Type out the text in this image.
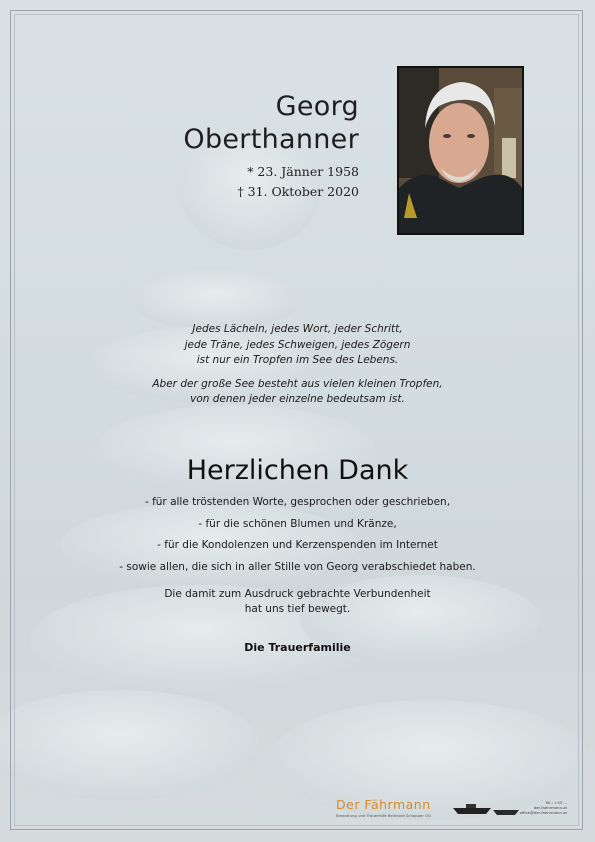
Georg
Oberthanner
* 23. Jänner 1958
† 31. Oktober 2020

Jedes Lächeln, jedes Wort, jeder Schritt,
jede Träne, jedes Schweigen, jedes Zögern
ist nur ein Tropfen im See des Lebens.

Aber der große See besteht aus vielen kleinen Tropfen,
von denen jeder einzelne bedeutsam ist.

Herzlichen Dank
- für alle tröstenden Worte, gesprochen oder geschrieben,
- für die schönen Blumen und Kränze,
- für die Kondolenzen und Kerzenspenden im Internet
- sowie allen, die sich in aller Stille von Georg verabschiedet haben.
Die damit zum Ausdruck gebrachte Verbundenheit
hat uns tief bewegt.
Die Trauerfamilie
Der Fährmann
Bestattung und Trauerhilfe Reinhard Schopper OG
Tel.: +43 ...
der-faehrmann.at
office@der-faehrmann.at
